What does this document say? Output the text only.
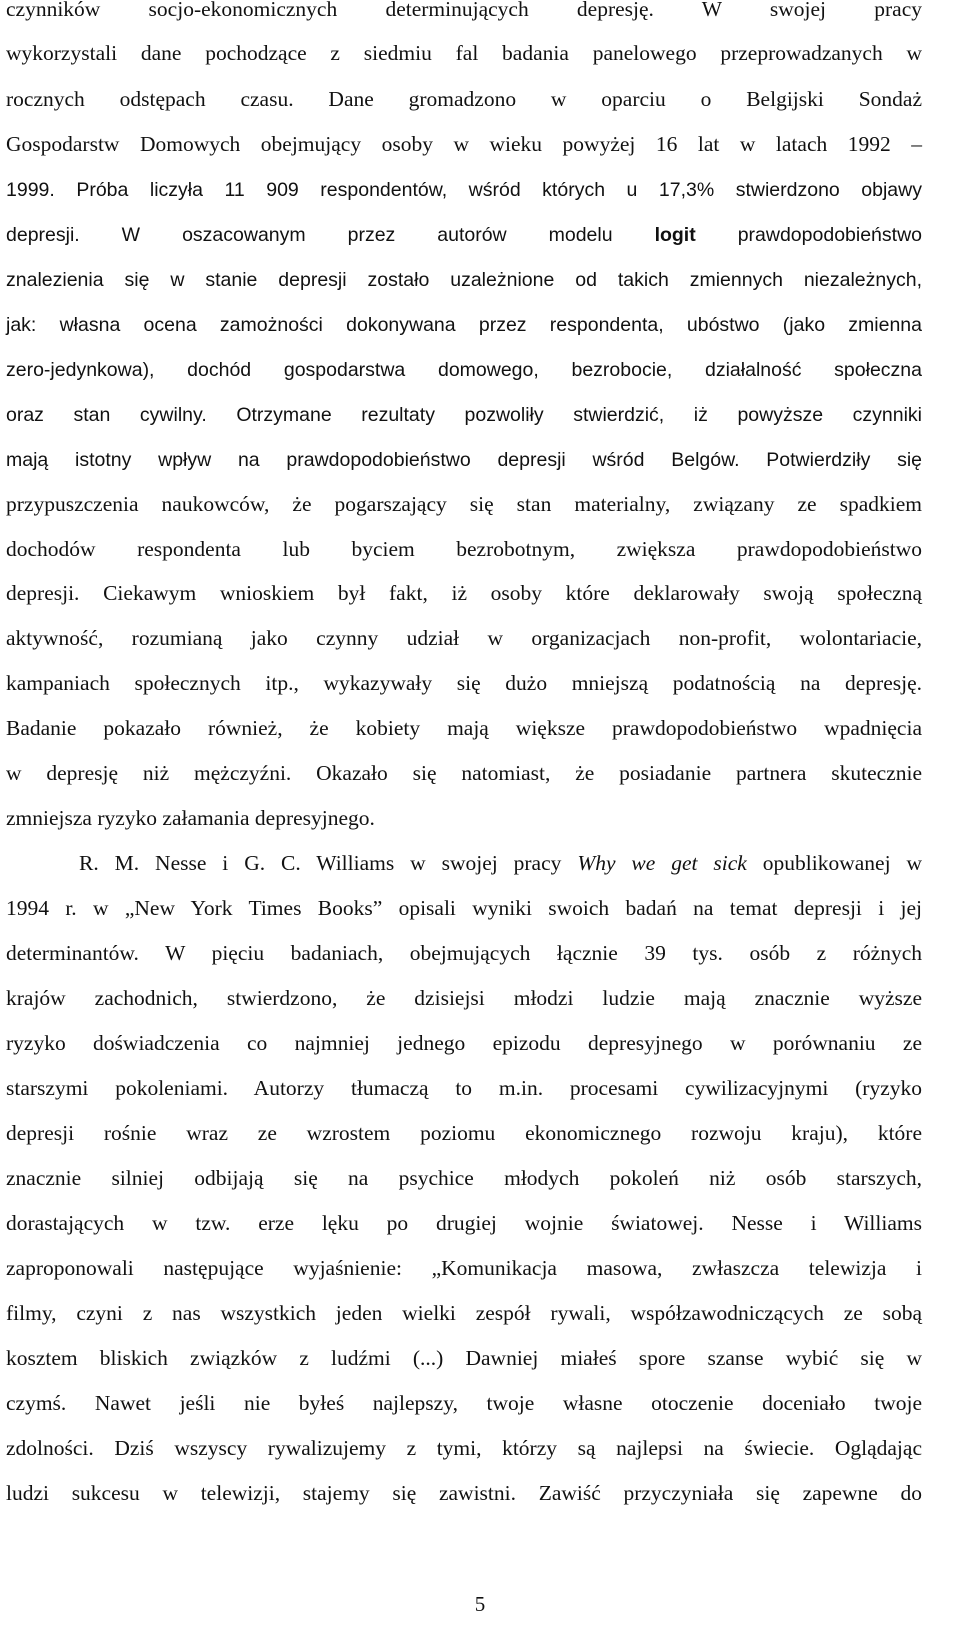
czynników socjo-ekonomicznych determinujących depresję. W swojej pracy
wykorzystali dane pochodzące z siedmiu fal badania panelowego przeprowadzanych w
rocznych odstępach czasu. Dane gromadzono w oparciu o Belgijski Sondaż
Gospodarstw Domowych obejmujący osoby w wieku powyżej 16 lat w latach 1992 –
1999. Próba liczyła 11 909 respondentów, wśród których u 17,3% stwierdzono objawy
depresji. W oszacowanym przez autorów modelu logit prawdopodobieństwo
znalezienia się w stanie depresji zostało uzależnione od takich zmiennych niezależnych,
jak: własna ocena zamożności dokonywana przez respondenta, ubóstwo (jako zmienna
zero-jedynkowa), dochód gospodarstwa domowego, bezrobocie, działalność społeczna
oraz stan cywilny. Otrzymane rezultaty pozwoliły stwierdzić, iż powyższe czynniki
mają istotny wpływ na prawdopodobieństwo depresji wśród Belgów. Potwierdziły się
przypuszczenia naukowców, że pogarszający się stan materialny, związany ze spadkiem
dochodów respondenta lub byciem bezrobotnym, zwiększa prawdopodobieństwo
depresji. Ciekawym wnioskiem był fakt, iż osoby które deklarowały swoją społeczną
aktywność, rozumianą jako czynny udział w organizacjach non-profit, wolontariacie,
kampaniach społecznych itp., wykazywały się dużo mniejszą podatnością na depresję.
Badanie pokazało również, że kobiety mają większe prawdopodobieństwo wpadnięcia
w depresję niż mężczyźni. Okazało się natomiast, że posiadanie partnera skutecznie
zmniejsza ryzyko załamania depresyjnego.
R. M. Nesse i G. C. Williams w swojej pracy Why we get sick opublikowanej w
1994 r. w „New York Times Books” opisali wyniki swoich badań na temat depresji i jej
determinantów. W pięciu badaniach, obejmujących łącznie 39 tys. osób z różnych
krajów zachodnich, stwierdzono, że dzisiejsi młodzi ludzie mają znacznie wyższe
ryzyko doświadczenia co najmniej jednego epizodu depresyjnego w porównaniu ze
starszymi pokoleniami. Autorzy tłumaczą to m.in. procesami cywilizacyjnymi (ryzyko
depresji rośnie wraz ze wzrostem poziomu ekonomicznego rozwoju kraju), które
znacznie silniej odbijają się na psychice młodych pokoleń niż osób starszych,
dorastających w tzw. erze lęku po drugiej wojnie światowej. Nesse i Williams
zaproponowali następujące wyjaśnienie: „Komunikacja masowa, zwłaszcza telewizja i
filmy, czyni z nas wszystkich jeden wielki zespół rywali, współzawodniczących ze sobą
kosztem bliskich związków z ludźmi (...) Dawniej miałeś spore szanse wybić się w
czymś. Nawet jeśli nie byłeś najlepszy, twoje własne otoczenie doceniało twoje
zdolności. Dziś wszyscy rywalizujemy z tymi, którzy są najlepsi na świecie. Oglądając
ludzi sukcesu w telewizji, stajemy się zawistni. Zawiść przyczyniała się zapewne do
5
